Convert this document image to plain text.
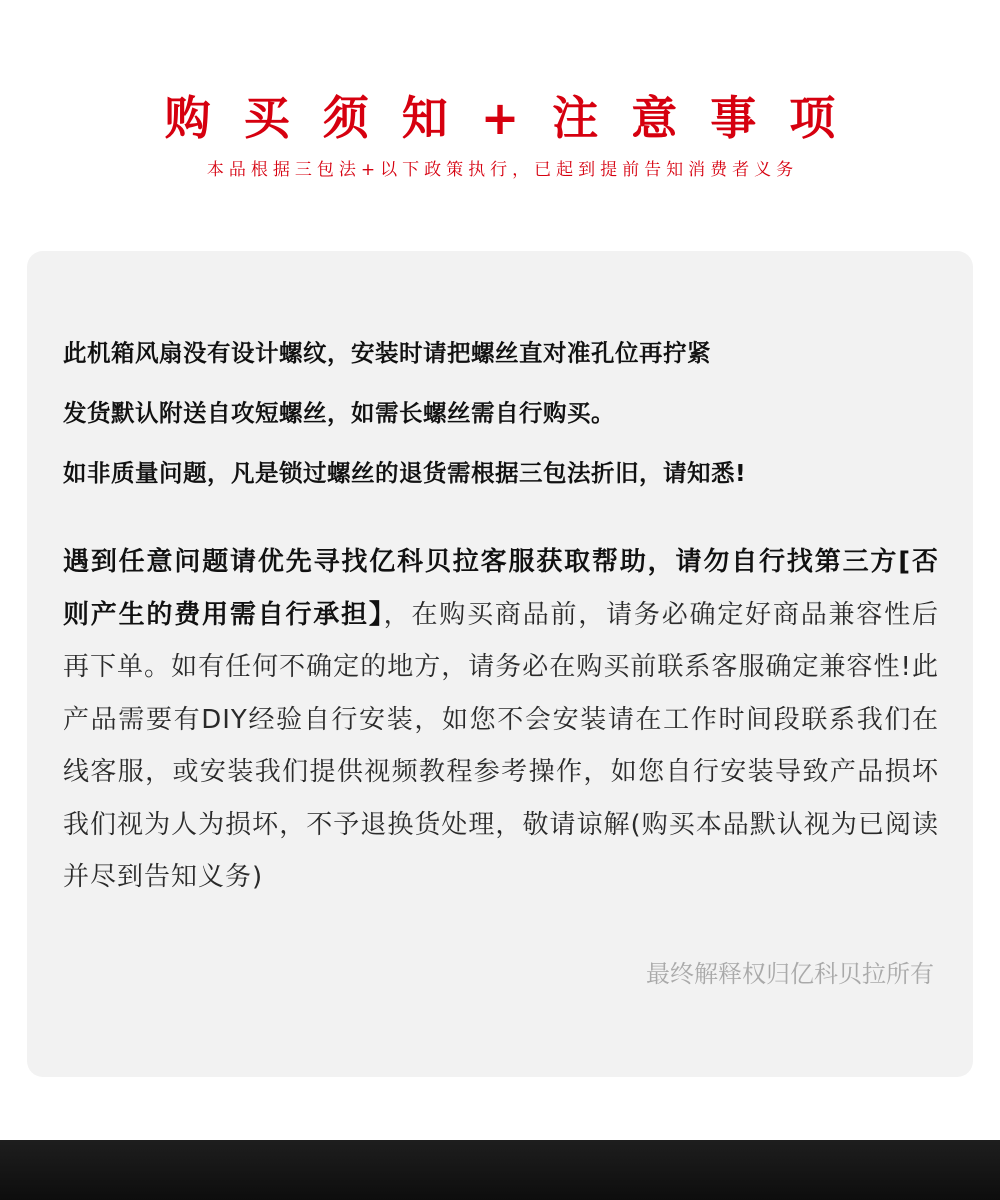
购买须知+注意事项
本品根据三包法+以下政策执行，已起到提前告知消费者义务
此机箱风扇没有设计螺纹，安装时请把螺丝直对准孔位再拧紧
发货默认附送自攻短螺丝，如需长螺丝需自行购买。
如非质量问题，凡是锁过螺丝的退货需根据三包法折旧，请知悉!
遇到任意问题请优先寻找亿科贝拉客服获取帮助，请勿自行找第三方[否则产生的费用需自行承担】，在购买商品前，请务必确定好商品兼容性后再下单。如有任何不确定的地方，请务必在购买前联系客服确定兼容性!此产品需要有DIY经验自行安装，如您不会安装请在工作时间段联系我们在线客服，或安装我们提供视频教程参考操作，如您自行安装导致产品损坏我们视为人为损坏，不予退换货处理，敬请谅解(购买本品默认视为已阅读并尽到告知义务)
最终解释权归亿科贝拉所有
